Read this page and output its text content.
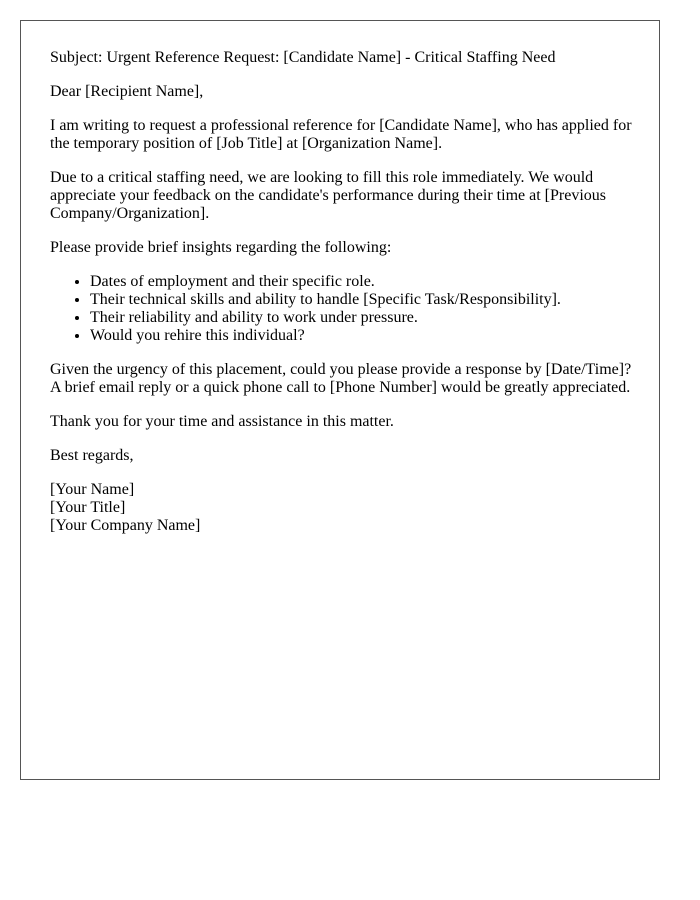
Subject: Urgent Reference Request: [Candidate Name] - Critical Staffing Need

Dear [Recipient Name],

I am writing to request a professional reference for [Candidate Name], who has applied for the temporary position of [Job Title] at [Organization Name].

Due to a critical staffing need, we are looking to fill this role immediately. We would appreciate your feedback on the candidate's performance during their time at [Previous Company/Organization].

Please provide brief insights regarding the following:

• Dates of employment and their specific role.
• Their technical skills and ability to handle [Specific Task/Responsibility].
• Their reliability and ability to work under pressure.
• Would you rehire this individual?

Given the urgency of this placement, could you please provide a response by [Date/Time]? A brief email reply or a quick phone call to [Phone Number] would be greatly appreciated.

Thank you for your time and assistance in this matter.

Best regards,

[Your Name]
[Your Title]
[Your Company Name]
